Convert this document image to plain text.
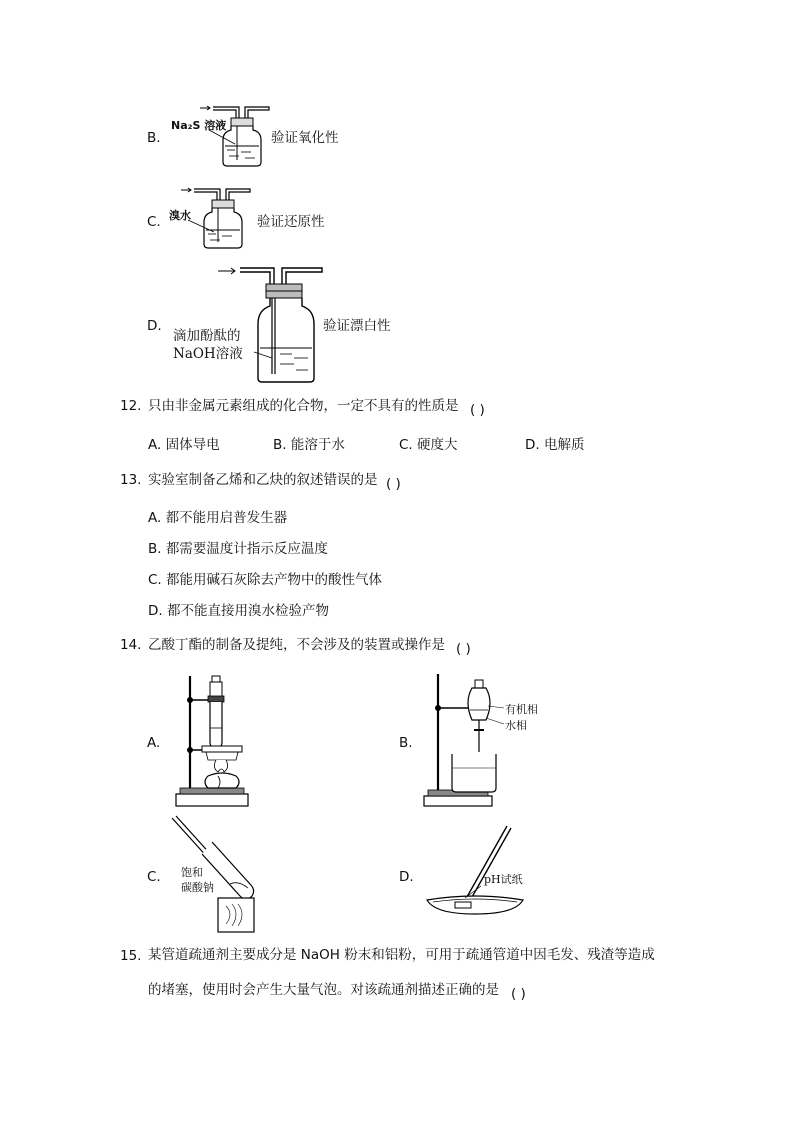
B.
Na₂S 溶液
验证氧化性
C. 溴水	验证还原性
D.
滴加酚酞的
NaOH溶液
验证漂白性
12. 只由非金属元素组成的化合物，一定不具有的性质是 ( )
A. 固体导电	B. 能溶于水	C. 硬度大	D. 电解质
13. 实验室制备乙烯和乙炔的叙述错误的是 ( )
A. 都不能用启普发生器
B. 都需要温度计指示反应温度
C. 都能用碱石灰除去产物中的酸性气体
D. 都不能直接用溴水检验产物
14. 乙酸丁酯的制备及提纯，不会涉及的装置或操作是 ( )
A.	B.
有机相
水相
C. 饱和
碳酸钠
D.	pH试纸
15. 某管道疏通剂主要成分是 NaOH 粉末和铝粉，可用于疏通管道中因毛发、残渣等造成
的堵塞，使用时会产生大量气泡。对该疏通剂描述正确的是 ( )
